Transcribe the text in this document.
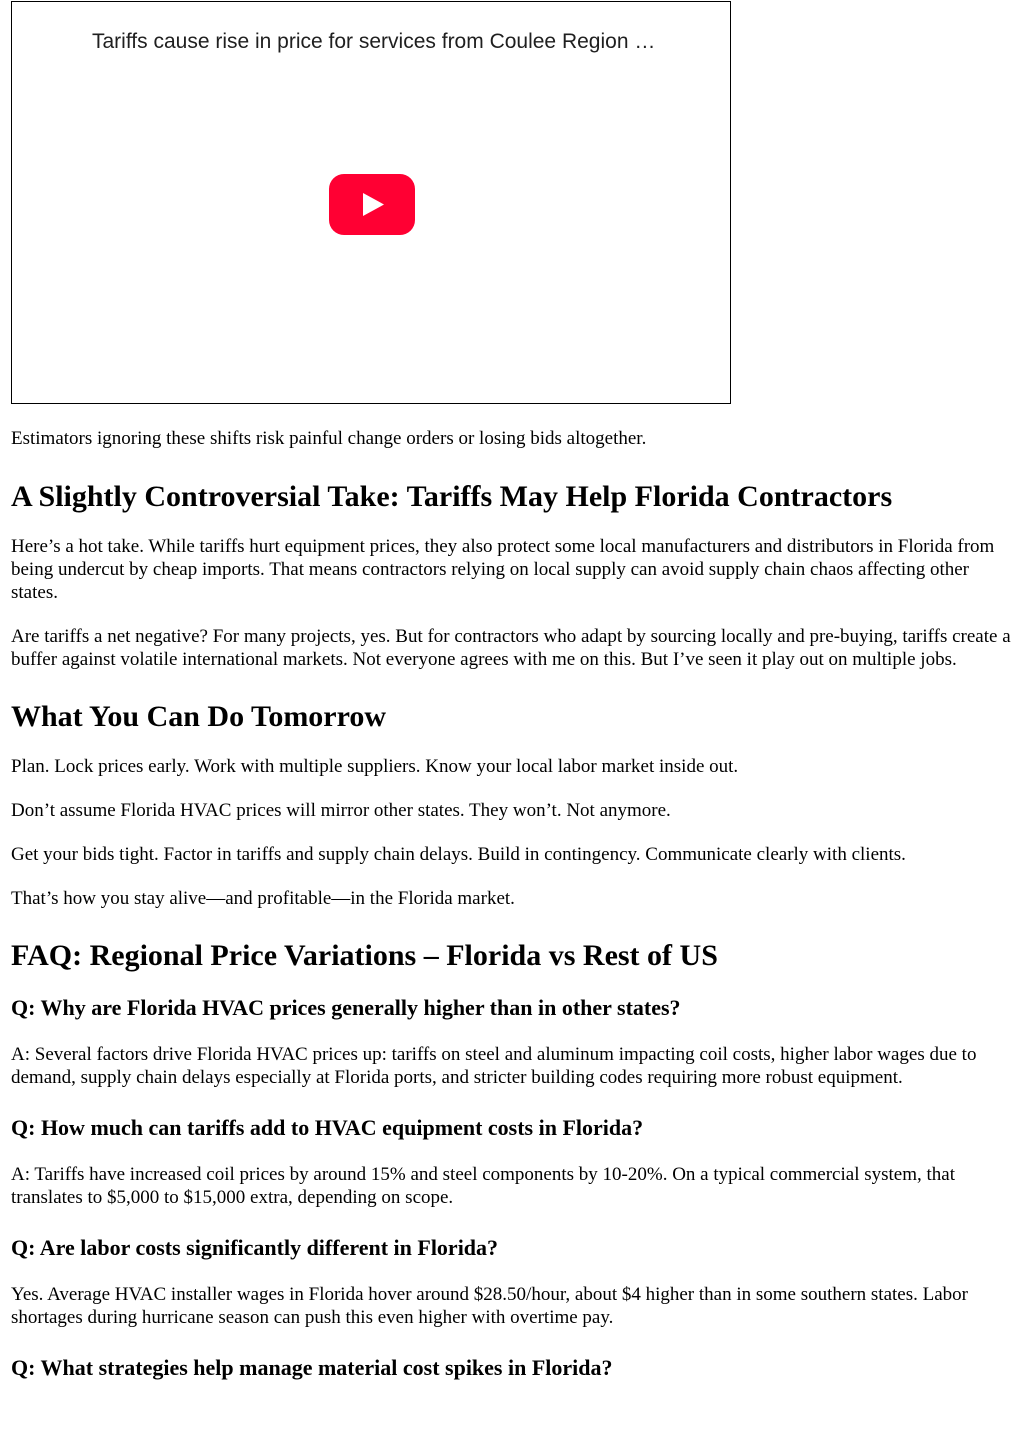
Tariffs cause rise in price for services from Coulee Region …

Estimators ignoring these shifts risk painful change orders or losing bids altogether.

A Slightly Controversial Take: Tariffs May Help Florida Contractors

Here’s a hot take. While tariffs hurt equipment prices, they also protect some local manufacturers and distributors in Florida from being undercut by cheap imports. That means contractors relying on local supply can avoid supply chain chaos affecting other states.

Are tariffs a net negative? For many projects, yes. But for contractors who adapt by sourcing locally and pre-buying, tariffs create a buffer against volatile international markets. Not everyone agrees with me on this. But I’ve seen it play out on multiple jobs.

What You Can Do Tomorrow

Plan. Lock prices early. Work with multiple suppliers. Know your local labor market inside out.

Don’t assume Florida HVAC prices will mirror other states. They won’t. Not anymore.

Get your bids tight. Factor in tariffs and supply chain delays. Build in contingency. Communicate clearly with clients.

That’s how you stay alive—and profitable—in the Florida market.

FAQ: Regional Price Variations – Florida vs Rest of US
Q: Why are Florida HVAC prices generally higher than in other states?

A: Several factors drive Florida HVAC prices up: tariffs on steel and aluminum impacting coil costs, higher labor wages due to demand, supply chain delays especially at Florida ports, and stricter building codes requiring more robust equipment.

Q: How much can tariffs add to HVAC equipment costs in Florida?

A: Tariffs have increased coil prices by around 15% and steel components by 10-20%. On a typical commercial system, that translates to $5,000 to $15,000 extra, depending on scope.

Q: Are labor costs significantly different in Florida?

Yes. Average HVAC installer wages in Florida hover around $28.50/hour, about $4 higher than in some southern states. Labor shortages during hurricane season can push this even higher with overtime pay.

Q: What strategies help manage material cost spikes in Florida?
